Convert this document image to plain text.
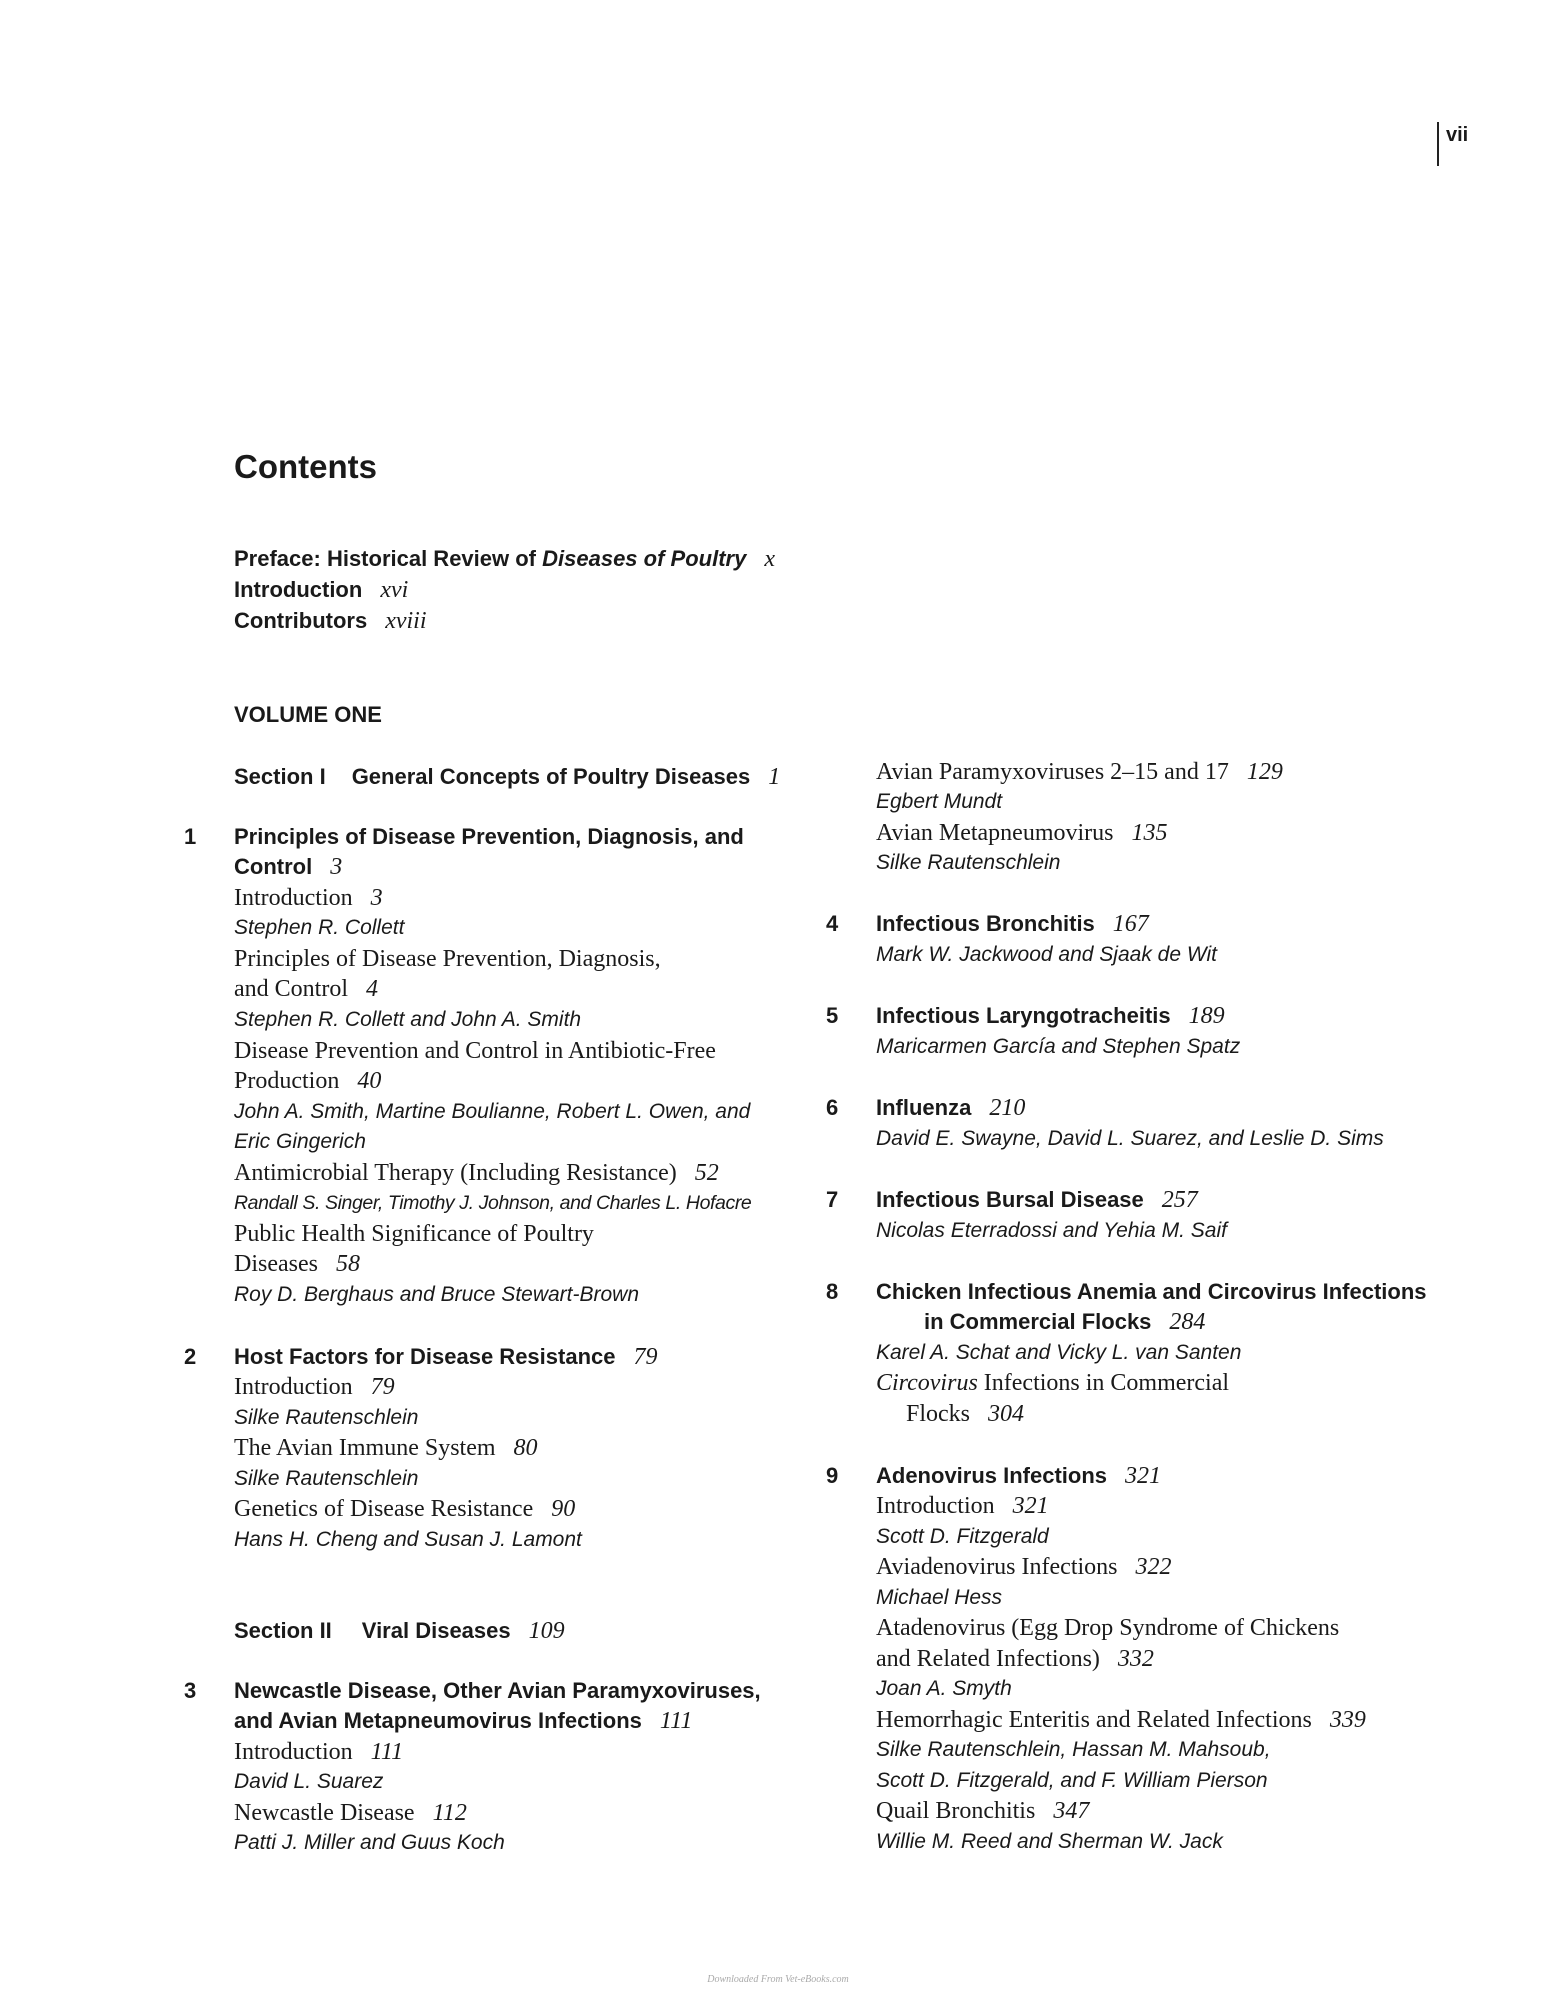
vii
Contents
Preface: Historical Review of Diseases of Poultry x
Introduction xvi
Contributors xviii
VOLUME ONE
Section I General Concepts of Poultry Diseases 1
1 Principles of Disease Prevention, Diagnosis, and
Control 3
Introduction 3
Stephen R. Collett
Principles of Disease Prevention, Diagnosis,
and Control 4
Stephen R. Collett and John A. Smith
Disease Prevention and Control in Antibiotic-Free
Production 40
John A. Smith, Martine Boulianne, Robert L. Owen, and
Eric Gingerich
Antimicrobial Therapy (Including Resistance) 52
Randall S. Singer, Timothy J. Johnson, and Charles L. Hofacre
Public Health Significance of Poultry
Diseases 58
Roy D. Berghaus and Bruce Stewart-Brown
2 Host Factors for Disease Resistance 79
Introduction 79
Silke Rautenschlein
The Avian Immune System 80
Silke Rautenschlein
Genetics of Disease Resistance 90
Hans H. Cheng and Susan J. Lamont
Section II Viral Diseases 109
3 Newcastle Disease, Other Avian Paramyxoviruses,
and Avian Metapneumovirus Infections 111
Introduction 111
David L. Suarez
Newcastle Disease 112
Patti J. Miller and Guus Koch
Avian Paramyxoviruses 2–15 and 17 129
Egbert Mundt
Avian Metapneumovirus 135
Silke Rautenschlein
4 Infectious Bronchitis 167
Mark W. Jackwood and Sjaak de Wit
5 Infectious Laryngotracheitis 189
Maricarmen García and Stephen Spatz
6 Influenza 210
David E. Swayne, David L. Suarez, and Leslie D. Sims
7 Infectious Bursal Disease 257
Nicolas Eterradossi and Yehia M. Saif
8 Chicken Infectious Anemia and Circovirus Infections
in Commercial Flocks 284
Karel A. Schat and Vicky L. van Santen
Circovirus Infections in Commercial
Flocks 304
9 Adenovirus Infections 321
Introduction 321
Scott D. Fitzgerald
Aviadenovirus Infections 322
Michael Hess
Atadenovirus (Egg Drop Syndrome of Chickens
and Related Infections) 332
Joan A. Smyth
Hemorrhagic Enteritis and Related Infections 339
Silke Rautenschlein, Hassan M. Mahsoub,
Scott D. Fitzgerald, and F. William Pierson
Quail Bronchitis 347
Willie M. Reed and Sherman W. Jack
Downloaded From Vet-eBooks.com
